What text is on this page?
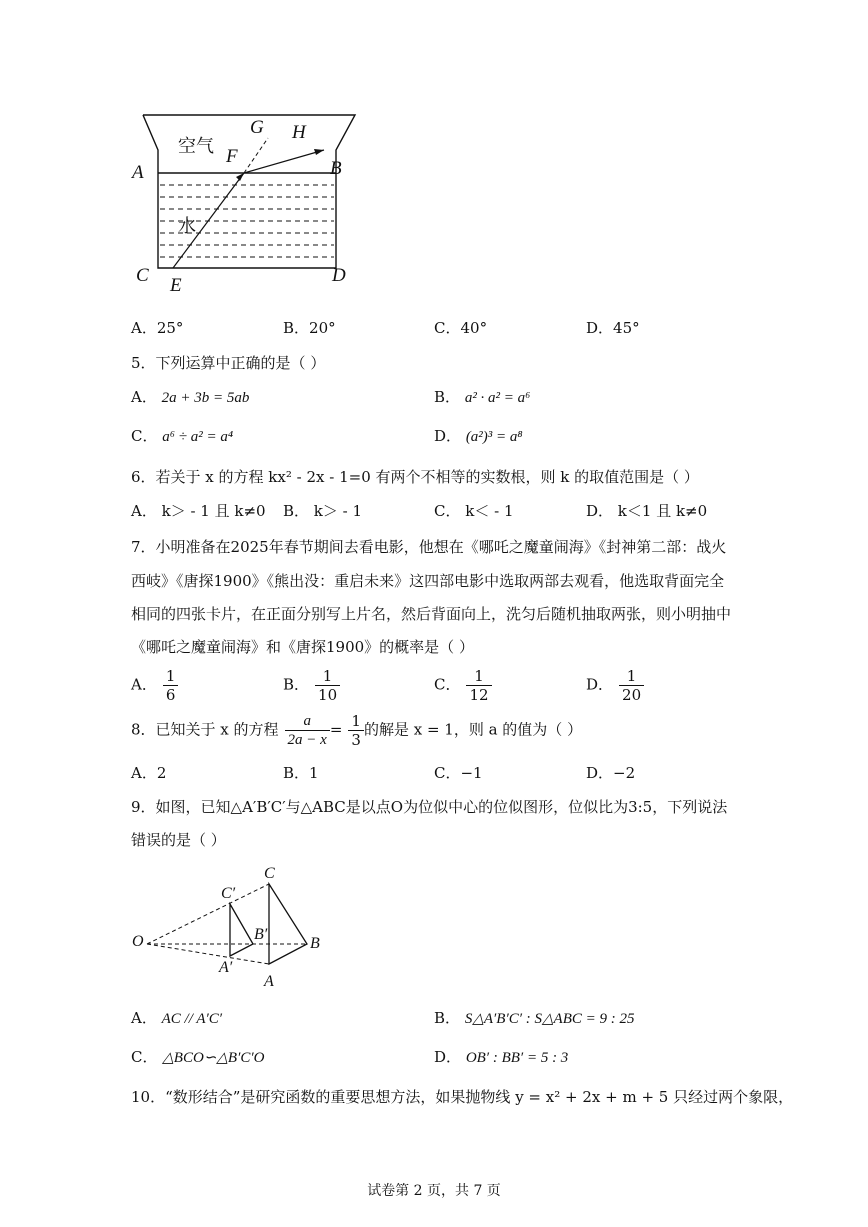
空气
水
A	B
C	D
E
F
G H
A．25°	B．20°	C．40°	D．45°
5．下列运算中正确的是（ ）
A． 2a + 3b = 5ab	B． a² · a² = a⁶
C． a⁶ ÷ a² = a⁴	D． (a²)³ = a⁸
6．若关于 x 的方程 kx² - 2x - 1=0 有两个不相等的实数根，则 k 的取值范围是（ ）
A． k＞ - 1 且 k≠0 B． k＞ - 1	C． k＜ - 1	D． k＜1 且 k≠0
7．小明准备在2025年春节期间去看电影，他想在《哪吒之魔童闹海》《封神第二部：战火
西岐》《唐探1900》《熊出没：重启未来》这四部电影中选取两部去观看，他选取背面完全
相同的四张卡片，在正面分别写上片名，然后背面向上，洗匀后随机抽取两张，则小明抽中
《哪吒之魔童闹海》和《唐探1900》的概率是（ ）
A． $\frac{1}{6}$	B． $\frac{1}{10}$	C． $\frac{1}{12}$	D． $\frac{1}{20}$
8．已知关于 x 的方程 $\frac{a}{2a - x} = \frac{1}{3}$ 的解是 x = 1，则 a 的值为（ ）
A．2	B．1	C．−1	D．−2
9．如图，已知△A′B′C′与△ABC是以点O为位似中心的位似图形，位似比为3:5，下列说法
错误的是（ ）
O
A
B
C
A′
B′
C′
A． AC // A′C′	B． S△A′B′C′ : S△ABC = 9 : 25
C． △BCO∽△B′C′O	D． OB′ : BB′ = 5 : 3
10．“数形结合”是研究函数的重要思想方法，如果抛物线 y = x² + 2x + m + 5 只经过两个象限，
试卷第 2 页，共 7 页
